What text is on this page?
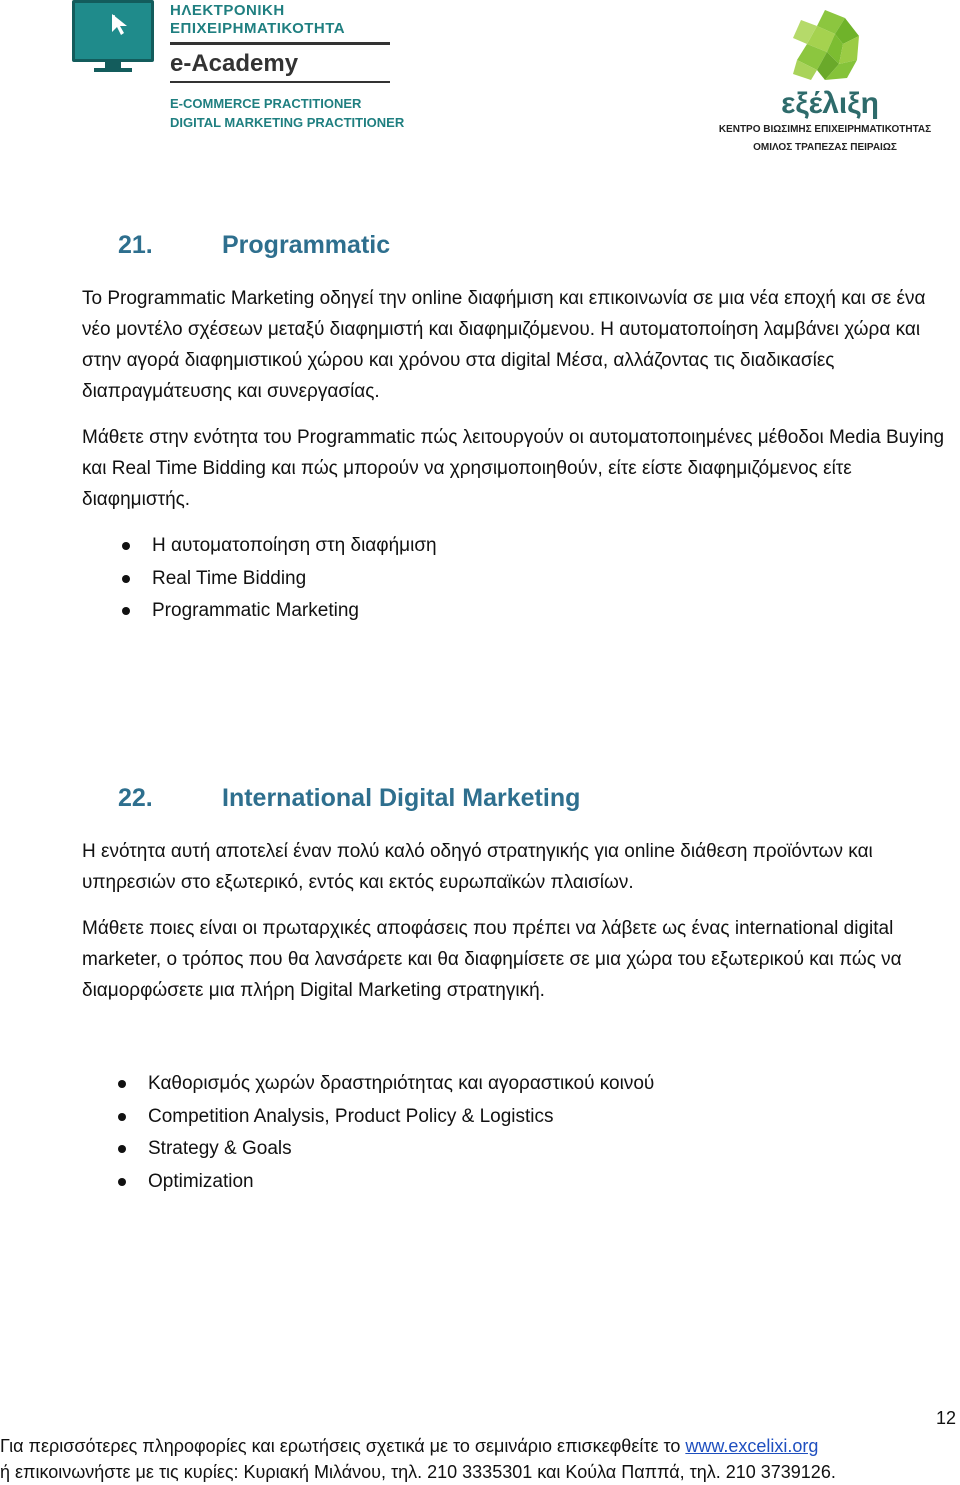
ΗΛΕΚΤΡΟΝΙΚΗ
ΕΠΙΧΕΙΡΗΜΑΤΙΚΟΤΗΤΑ
e-Academy
E-COMMERCE PRACTITIONER
DIGITAL MARKETING PRACTITIONER
εξέλιξη
ΚΕΝΤΡΟ ΒΙΩΣΙΜΗΣ ΕΠΙΧΕΙΡΗΜΑΤΙΚΟΤΗΤΑΣ
ΟΜΙΛΟΣ ΤΡΑΠΕΖΑΣ ΠΕΙΡΑΙΩΣ
21.	Programmatic

Το Programmatic Marketing οδηγεί την online διαφήμιση και επικοινωνία σε μια νέα εποχή και σε ένα νέο μοντέλο σχέσεων μεταξύ διαφημιστή και διαφημιζόμενου. Η αυτοματοποίηση λαμβάνει χώρα και στην αγορά διαφημιστικού χώρου και χρόνου στα digital Μέσα, αλλάζοντας τις διαδικασίες διαπραγμάτευσης και συνεργασίας.

Μάθετε στην ενότητα του Programmatic πώς λειτουργούν οι αυτοματοποιημένες μέθοδοι Media Buying και Real Time Bidding και πώς μπορούν να χρησιμοποιηθούν, είτε είστε διαφημιζόμενος είτε διαφημιστής.

Η αυτοματοποίηση στη διαφήμιση
Real Time Bidding
Programmatic Marketing
22.	International Digital Marketing

Η ενότητα αυτή αποτελεί έναν πολύ καλό οδηγό στρατηγικής για online διάθεση προϊόντων και υπηρεσιών στο εξωτερικό, εντός και εκτός ευρωπαϊκών πλαισίων.

Μάθετε ποιες είναι οι πρωταρχικές αποφάσεις που πρέπει να λάβετε ως ένας international digital marketer, ο τρόπος που θα λανσάρετε και θα διαφημίσετε σε μια χώρα του εξωτερικού και πώς να διαμορφώσετε μια πλήρη Digital Marketing στρατηγική.

Καθορισμός χωρών δραστηριότητας και αγοραστικού κοινού
Competition Analysis, Product Policy & Logistics
Strategy & Goals
Optimization
12
Για περισσότερες πληροφορίες και ερωτήσεις σχετικά με το σεμινάριο επισκεφθείτε το www.excelixi.org
ή επικοινωνήστε με τις κυρίες: Κυριακή Μιλάνου, τηλ. 210 3335301 και Κούλα Παππά, τηλ. 210 3739126.
